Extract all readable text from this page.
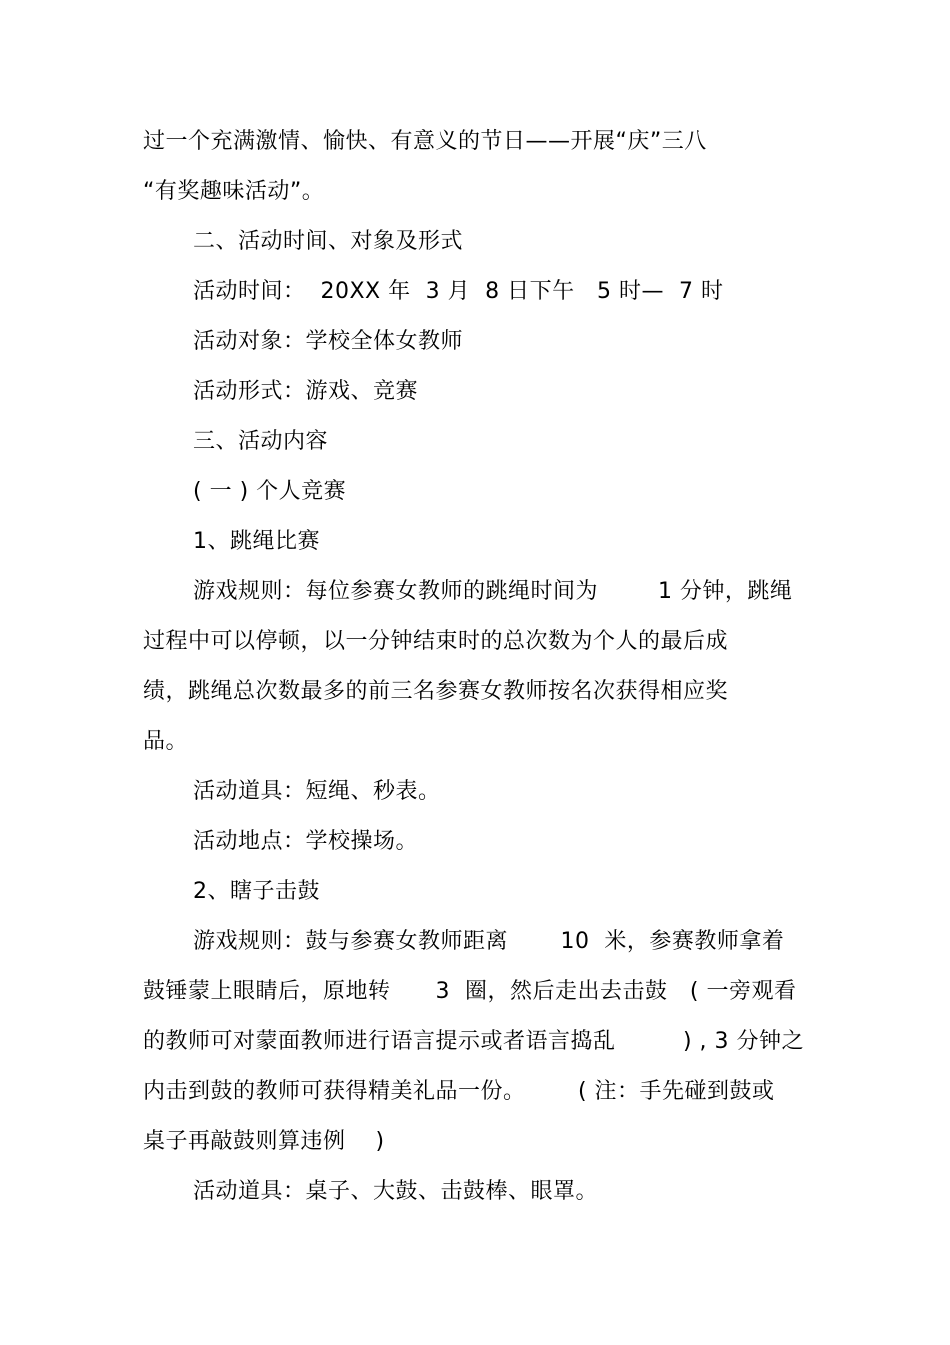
过一个充满激情、愉快、有意义的节日——开展“庆”三八
“有奖趣味活动”。
二、活动时间、对象及形式
活动时间：  20XX 年  3 月  8 日下午   5 时—  7 时
活动对象：学校全体女教师
活动形式：游戏、竞赛
三、活动内容
( 一 ) 个人竞赛
1、跳绳比赛
游戏规则：每位参赛女教师的跳绳时间为        1 分钟，跳绳
过程中可以停顿，以一分钟结束时的总次数为个人的最后成
绩，跳绳总次数最多的前三名参赛女教师按名次获得相应奖
品。
活动道具：短绳、秒表。
活动地点：学校操场。
2、瞎子击鼓
游戏规则：鼓与参赛女教师距离       10  米，参赛教师拿着
鼓锤蒙上眼睛后，原地转      3  圈，然后走出去击鼓   ( 一旁观看
的教师可对蒙面教师进行语言提示或者语言捣乱         ) , 3 分钟之
内击到鼓的教师可获得精美礼品一份。       ( 注：手先碰到鼓或
桌子再敲鼓则算违例    )
活动道具：桌子、大鼓、击鼓棒、眼罩。
